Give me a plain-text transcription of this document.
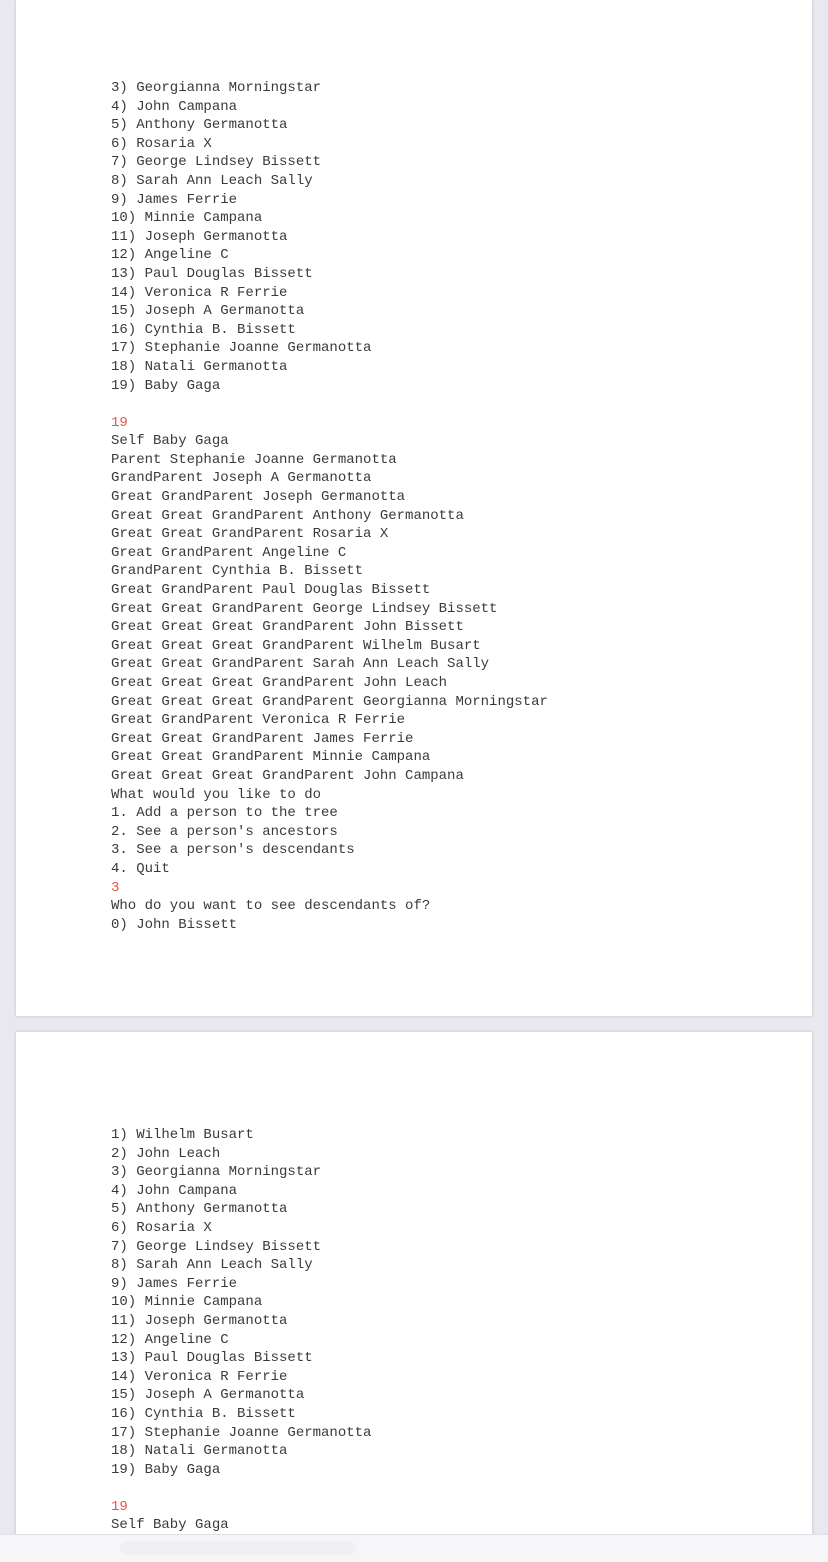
3) Georgianna Morningstar
4) John Campana
5) Anthony Germanotta
6) Rosaria X
7) George Lindsey Bissett
8) Sarah Ann Leach Sally
9) James Ferrie
10) Minnie Campana
11) Joseph Germanotta
12) Angeline C
13) Paul Douglas Bissett
14) Veronica R Ferrie
15) Joseph A Germanotta
16) Cynthia B. Bissett
17) Stephanie Joanne Germanotta
18) Natali Germanotta
19) Baby Gaga
19
Self Baby Gaga
Parent Stephanie Joanne Germanotta
GrandParent Joseph A Germanotta
Great GrandParent Joseph Germanotta
Great Great GrandParent Anthony Germanotta
Great Great GrandParent Rosaria X
Great GrandParent Angeline C
GrandParent Cynthia B. Bissett
Great GrandParent Paul Douglas Bissett
Great Great GrandParent George Lindsey Bissett
Great Great Great GrandParent John Bissett
Great Great Great GrandParent Wilhelm Busart
Great Great GrandParent Sarah Ann Leach Sally
Great Great Great GrandParent John Leach
Great Great Great GrandParent Georgianna Morningstar
Great GrandParent Veronica R Ferrie
Great Great GrandParent James Ferrie
Great Great GrandParent Minnie Campana
Great Great Great GrandParent John Campana
What would you like to do
1. Add a person to the tree
2. See a person's ancestors
3. See a person's descendants
4. Quit
3
Who do you want to see descendants of?
0) John Bissett
1) Wilhelm Busart
2) John Leach
3) Georgianna Morningstar
4) John Campana
5) Anthony Germanotta
6) Rosaria X
7) George Lindsey Bissett
8) Sarah Ann Leach Sally
9) James Ferrie
10) Minnie Campana
11) Joseph Germanotta
12) Angeline C
13) Paul Douglas Bissett
14) Veronica R Ferrie
15) Joseph A Germanotta
16) Cynthia B. Bissett
17) Stephanie Joanne Germanotta
18) Natali Germanotta
19) Baby Gaga
19
Self Baby Gaga
